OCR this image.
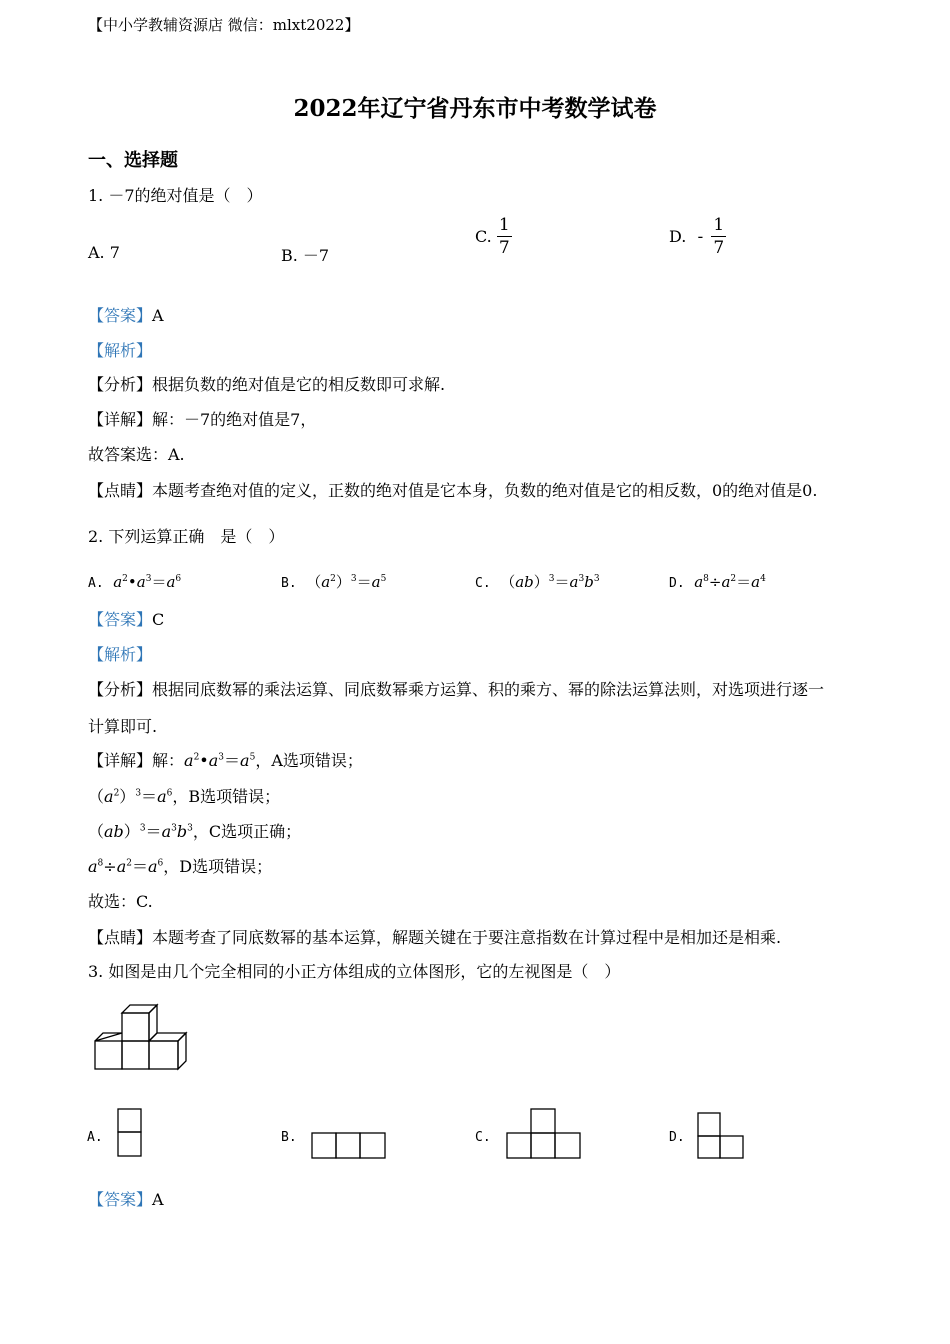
【中小学教辅资源店 微信：mlxt2022】
2022年辽宁省丹东市中考数学试卷
一、选择题
1. －7的绝对值是（　）
A. 7	B. －7
C. $\frac{1}{7}$	D. - $\frac{1}{7}$
【答案】A
【解析】
【分析】根据负数的绝对值是它的相反数即可求解.
【详解】解：－7的绝对值是7，
故答案选：A.
【点睛】本题考查绝对值的定义，正数的绝对值是它本身，负数的绝对值是它的相反数，0的绝对值是0.
2. 下列运算正确　是（　）
A. $a^2•a^3=a^6$	B.  $(a^2)^3=a^5$	C.  $(ab)^3=a^3b^3$	D. $a^8\div a^2=a^4$
【答案】C
【解析】
【分析】根据同底数幂的乘法运算、同底数幂乘方运算、积的乘方、幂的除法运算法则，对选项进行逐一
计算即可.
【详解】解：$a^2•a^3=a^5$，A选项错误；
$(a^2)^3=a^6$，B选项错误；
$(ab)^3=a^3b^3$，C选项正确；
$a^8\div a^2=a^6$，D选项错误；
故选：C.
【点睛】本题考查了同底数幂的基本运算，解题关键在于要注意指数在计算过程中是相加还是相乘.
3. 如图是由几个完全相同的小正方体组成的立体图形，它的左视图是（　）
A.	B.	C.	D.
【答案】A
